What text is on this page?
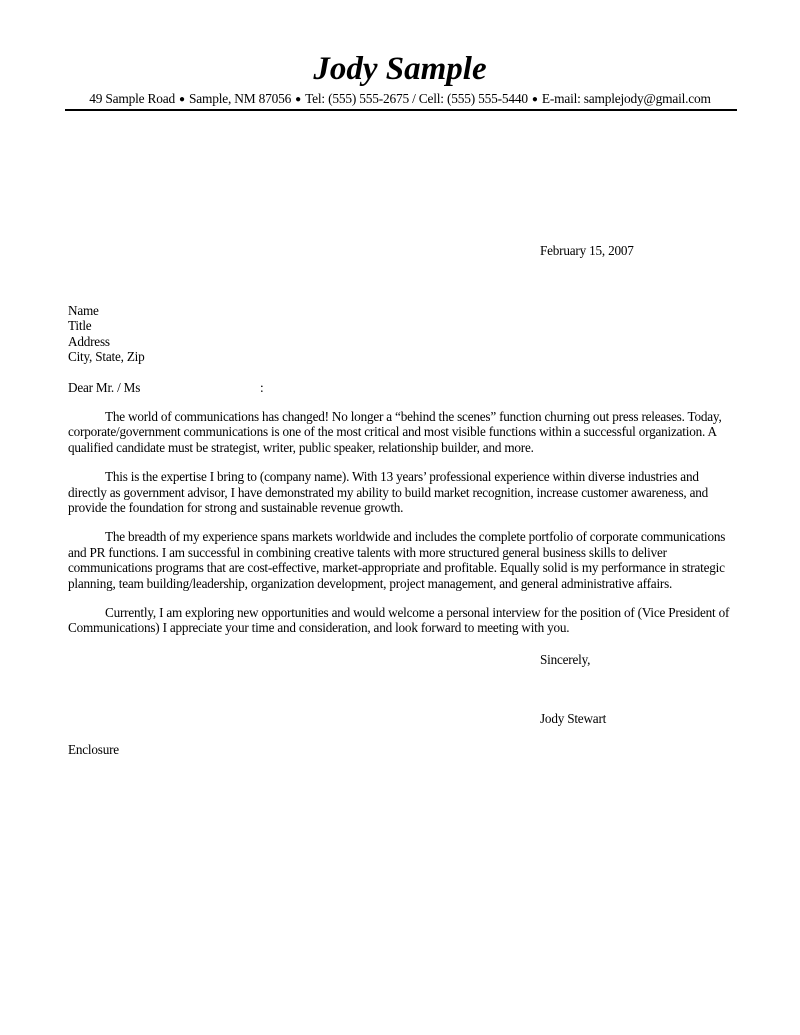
Jody Sample
49 Sample Road ● Sample, NM 87056 ● Tel: (555) 555-2675 / Cell: (555) 555-5440 ● E-mail: samplejody@gmail.com
February 15, 2007
Name
Title
Address
City, State, Zip
Dear Mr. / Ms	:

The world of communications has changed! No longer a “behind the scenes” function churning out press releases. Today, corporate/government communications is one of the most critical and most visible functions within a successful organization. A qualified candidate must be strategist, writer, public speaker, relationship builder, and more.

This is the expertise I bring to (company name). With 13 years’ professional experience within diverse industries and directly as government advisor, I have demonstrated my ability to build market recognition, increase customer awareness, and provide the foundation for strong and sustainable revenue growth.

The breadth of my experience spans markets worldwide and includes the complete portfolio of corporate communications and PR functions. I am successful in combining creative talents with more structured general business skills to deliver communications programs that are cost-effective, market-appropriate and profitable. Equally solid is my performance in strategic planning, team building/leadership, organization development, project management, and general administrative affairs.

Currently, I am exploring new opportunities and would welcome a personal interview for the position of (Vice President of Communications) I appreciate your time and consideration, and look forward to meeting with you.

Sincerely,
Jody Stewart
Enclosure
